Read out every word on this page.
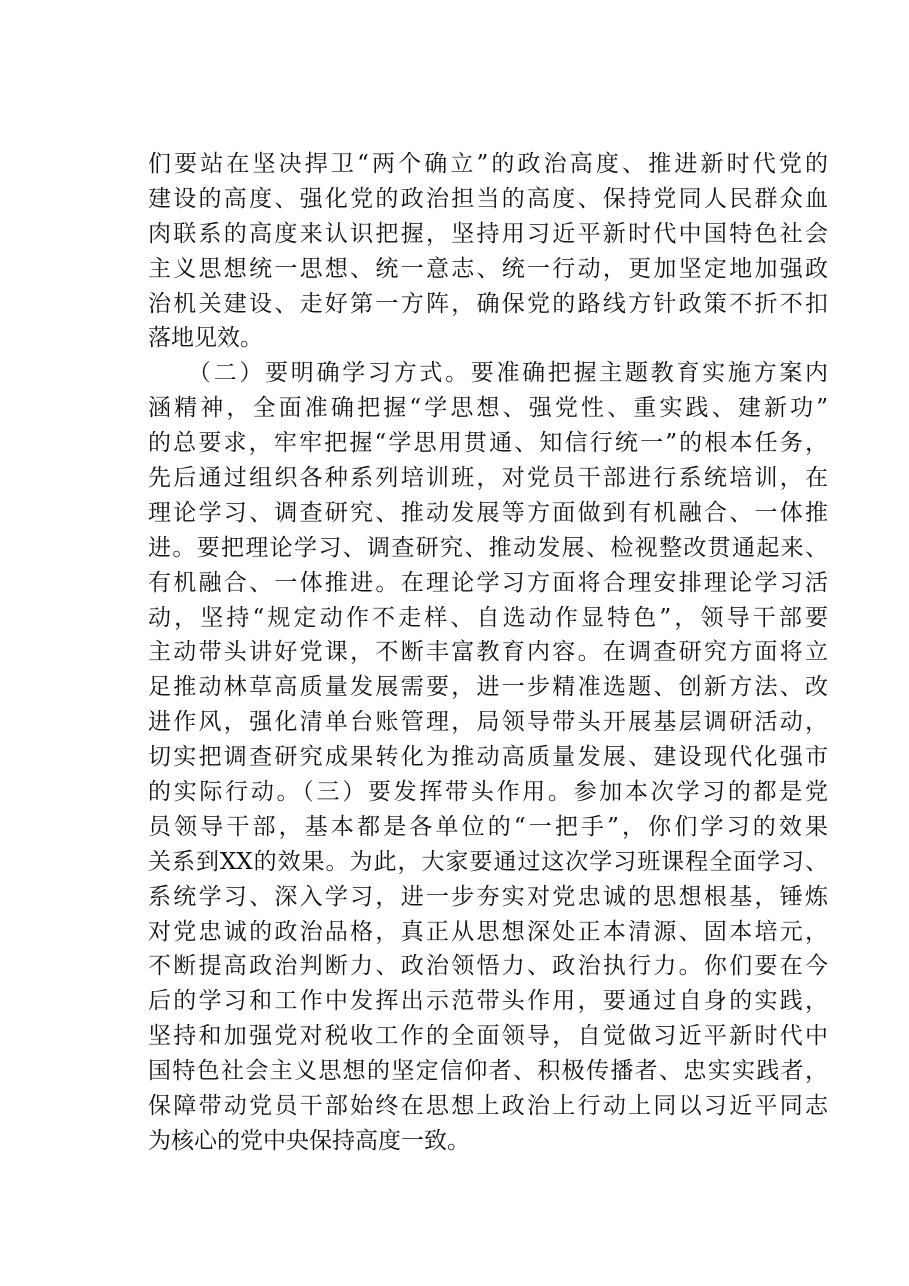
们要站在坚决捍卫“两个确立”的政治高度、推进新时代党的
建设的高度、强化党的政治担当的高度、保持党同人民群众血
肉联系的高度来认识把握，坚持用习近平新时代中国特色社会
主义思想统一思想、统一意志、统一行动，更加坚定地加强政
治机关建设、走好第一方阵，确保党的路线方针政策不折不扣
落地见效。
　　（二）要明确学习方式。要准确把握主题教育实施方案内
涵精神，全面准确把握“学思想、强党性、重实践、建新功”
的总要求，牢牢把握“学思用贯通、知信行统一”的根本任务，
先后通过组织各种系列培训班，对党员干部进行系统培训，在
理论学习、调查研究、推动发展等方面做到有机融合、一体推
进。要把理论学习、调查研究、推动发展、检视整改贯通起来、
有机融合、一体推进。在理论学习方面将合理安排理论学习活
动，坚持“规定动作不走样、自选动作显特色”，领导干部要
主动带头讲好党课，不断丰富教育内容。在调查研究方面将立
足推动林草高质量发展需要，进一步精准选题、创新方法、改
进作风，强化清单台账管理，局领导带头开展基层调研活动，
切实把调查研究成果转化为推动高质量发展、建设现代化强市
的实际行动。（三）要发挥带头作用。参加本次学习的都是党
员领导干部，基本都是各单位的“一把手”，你们学习的效果
关系到XX的效果。为此，大家要通过这次学习班课程全面学习、
系统学习、深入学习，进一步夯实对党忠诚的思想根基，锤炼
对党忠诚的政治品格，真正从思想深处正本清源、固本培元，
不断提高政治判断力、政治领悟力、政治执行力。你们要在今
后的学习和工作中发挥出示范带头作用，要通过自身的实践，
坚持和加强党对税收工作的全面领导，自觉做习近平新时代中
国特色社会主义思想的坚定信仰者、积极传播者、忠实实践者，
保障带动党员干部始终在思想上政治上行动上同以习近平同志
为核心的党中央保持高度一致。
